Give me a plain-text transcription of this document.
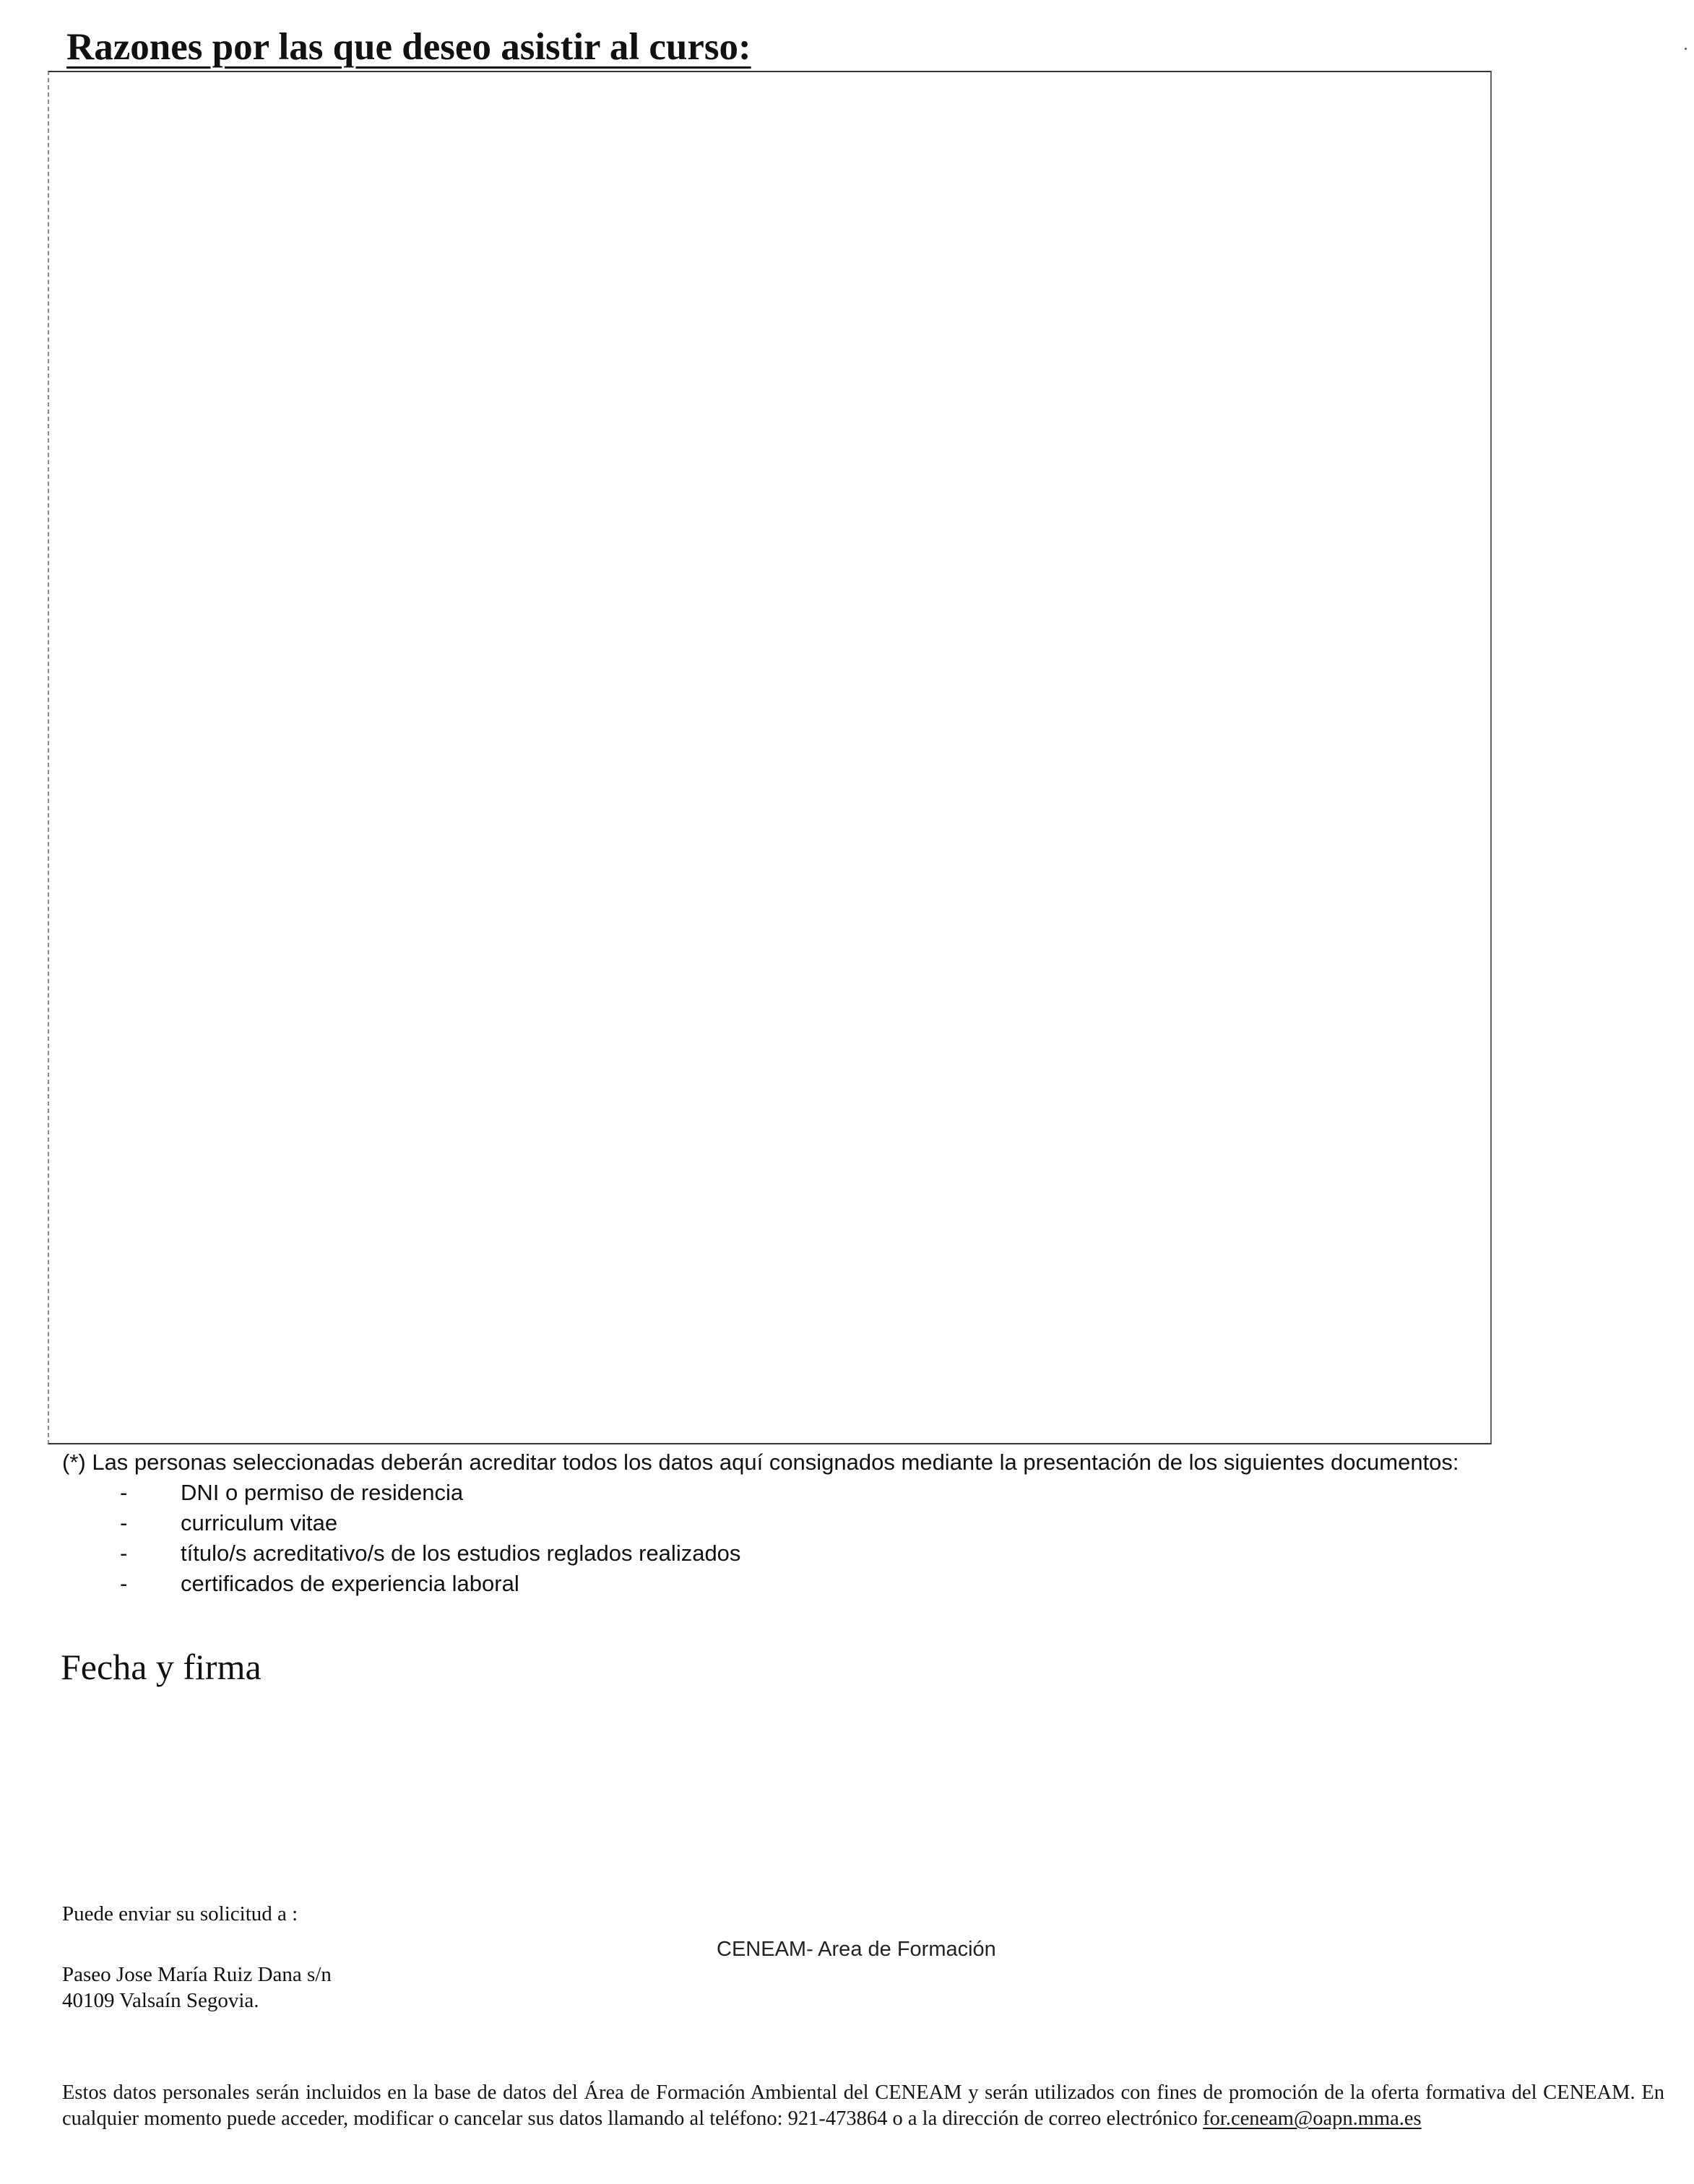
Razones por las que deseo asistir al curso:
(*) Las personas seleccionadas deberán acreditar todos los datos aquí consignados mediante la presentación de los siguientes documentos:
- DNI o permiso de residencia
- curriculum vitae
- título/s acreditativo/s de los estudios reglados realizados
- certificados de experiencia laboral
Fecha y firma
Puede enviar su solicitud a :
CENEAM- Area de Formación
Paseo Jose María Ruiz Dana s/n
40109 Valsaín Segovia.
Estos datos personales serán incluidos en la base de datos del Área de Formación Ambiental del CENEAM y serán utilizados con fines de promoción de la oferta formativa del CENEAM. En cualquier momento puede acceder, modificar o cancelar sus datos llamando al teléfono: 921-473864 o a la dirección de correo electrónico for.ceneam@oapn.mma.es
